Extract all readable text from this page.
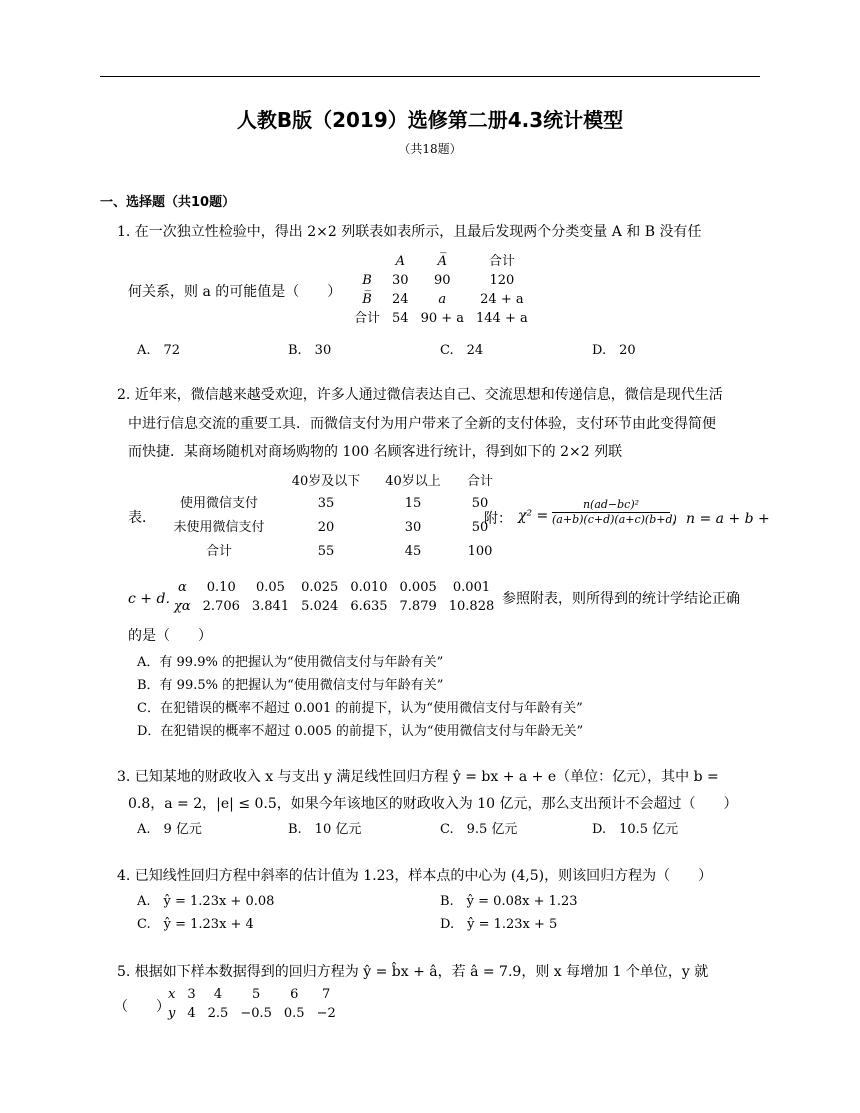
人教B版（2019）选修第二册4.3统计模型
（共18题）
一、选择题（共10题）
1. 在一次独立性检验中，得出 2×2 列联表如表所示，且最后发现两个分类变量 A 和 B 没有任
何关系，则 a 的可能值是（　　）
	A	A̅	合计
B	30	90	120
B̅	24	a	24 + a
合计	54	90 + a	144 + a
A.　72	B.　30	C.　24	D.　20
2. 近年来，微信越来越受欢迎，许多人通过微信表达自己、交流思想和传递信息，微信是现代生活
中进行信息交流的重要工具．而微信支付为用户带来了全新的支付体验，支付环节由此变得简便
而快捷．某商场随机对商场购物的 100 名顾客进行统计，得到如下的 2×2 列联
表．
	40岁及以下	40岁以上	合计
使用微信支付	35	15	50
未使用微信支付	20	30	50
合计	55	45	100
附： $\chi^2 = \frac{\text{n(ad−bc)²}}{(a+b)(c+d)(a+c)(b+d)}$ ，n = a + b +
c + d．
α	0.10	0.05	0.025	0.010	0.005	0.001
χα	2.706	3.841	5.024	6.635	7.879	10.828 参照附表，则所得到的统计学结论正确
的是（　　）
A．有 99.9% 的把握认为“使用微信支付与年龄有关”
B．有 99.5% 的把握认为“使用微信支付与年龄有关”
C．在犯错误的概率不超过 0.001 的前提下，认为“使用微信支付与年龄有关”
D．在犯错误的概率不超过 0.005 的前提下，认为“使用微信支付与年龄无关”
3. 已知某地的财政收入 x 与支出 y 满足线性回归方程 ŷ = bx + a + e（单位：亿元），其中 b =
0.8，a = 2，|e| ≤ 0.5，如果今年该地区的财政收入为 10 亿元，那么支出预计不会超过（　　）
A.　9 亿元	B.　10 亿元	C.　9.5 亿元	D.　10.5 亿元
4. 已知线性回归方程中斜率的估计值为 1.23，样本点的中心为 (4,5)，则该回归方程为（　　）
A.　ŷ = 1.23x + 0.08	B.　ŷ = 0.08x + 1.23
C.　ŷ = 1.23x + 4	D.　ŷ = 1.23x + 5
5. 根据如下样本数据得到的回归方程为 ŷ = b̂x + â，若 â = 7.9，则 x 每增加 1 个单位，y 就
（　　）
x	3	4	5	6	7
y	4	2.5	−0.5	0.5	−2
